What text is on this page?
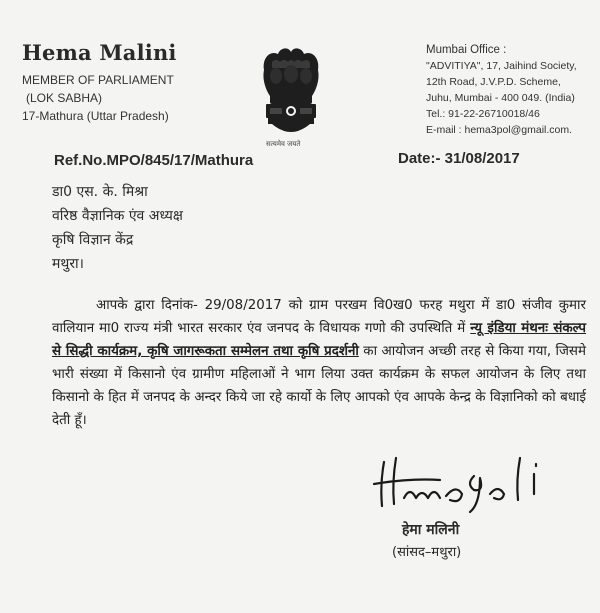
Hema Malini
MEMBER OF PARLIAMENT
(LOK SABHA)
17-Mathura (Uttar Pradesh)
सत्यमेव जयते
Mumbai Office :
"ADVITIYA", 17, Jaihind Society,
12th Road, J.V.P.D. Scheme,
Juhu, Mumbai - 400 049. (India)
Tel.: 91-22-26710018/46
E-mail : hema3pol@gmail.com.
Ref.No.MPO/845/17/Mathura	Date:- 31/08/2017
डा0 एस. के. मिश्रा
वरिष्ठ वैज्ञानिक एंव अध्यक्ष
कृषि विज्ञान केंद्र
मथुरा।

आपके द्वारा दिनांक- 29/08/2017 को ग्राम परखम वि0ख0 फरह मथुरा में डा0 संजीव कुमार वालियान मा0 राज्य मंत्री भारत सरकार एंव जनपद के विधायक गणो की उपस्थिति में न्यू इंडिया मंथनः संकल्प से सिद्धी कार्यक्रम, कृषि जागरूकता सम्मेलन तथा कृषि प्रदर्शनी का आयोजन अच्छी तरह से किया गया, जिसमे भारी संख्या में किसानो एंव ग्रामीण महिलाओं ने भाग लिया उक्त कार्यक्रम के सफल आयोजन के लिए तथा किसानो के हित में जनपद के अन्दर किये जा रहे कार्यो के लिए आपको एंव आपके केन्द्र के विज्ञानिको को बधाई देती हूँ।

हेमा मलिनी
(सांसद–मथुरा)
